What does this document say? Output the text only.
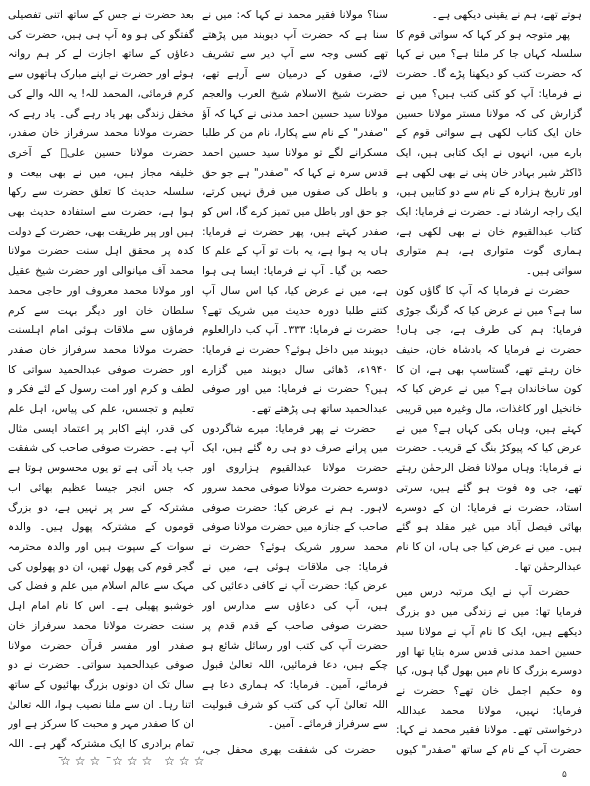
ہوتے تھے، ہم نے یقینی دیکھی ہے۔
پھر متوجہ ہو کر کہا کہ سواتی قوم کا سلسلہ کہاں جا کر ملتا ہے؟ میں نے کہا کہ حضرت کتب کو دیکھنا پڑے گا۔ حضرت نے فرمایا: آپ کو کئی کتب ہیں؟ میں نے گزارش کی کہ مولانا مستر مولانا حسین خان ایک کتاب لکھی ہے سواتی قوم کے بارے میں، انہوں نے ایک کتابی ہیں، ایک ڈاکٹر شیر بہادر خان پنی نے بھی لکھی ہے اور تاریخ ہزارہ کے نام سے دو کتابیں ہیں، ایک راجہ ارشاد نے۔ حضرت نے فرمایا: ایک کتاب عبدالقیوم خان نے بھی لکھی ہے، ہماری گوت متواری ہے، ہم متواری سواتی ہیں۔
حضرت نے فرمایا کہ آپ کا گاؤں کون سا ہے؟ میں نے عرض کیا کہ گرنگ جوڑی فرمایا: ہم کی طرف ہے، جی ہاں! حضرت نے فرمایا کہ بادشاہ خان، حنیف خان رہتے تھے، گستاسپ بھی ہے، ان کا کون ساخاندان ہے؟ میں نے عرض کیا کہ خانخیل اور کاغذات، مال وغیرہ میں قریبی کہتے ہیں، وہاں بکی کہاں ہے؟ میں نے عرض کیا کہ پیوکڑ بنگ کے قریب۔ حضرت نے فرمایا: وہاں مولانا فضل الرحمٰن رہتے تھے، جی وہ فوت ہو گئے ہیں، سرتی استاد، حضرت نے فرمایا: ان کے دوسرے بھائی فیصل آباد میں غیر مقلد ہو گئے ہیں۔ میں نے عرض کیا جی ہاں، ان کا نام عبدالرحمٰن تھا۔
حضرت آپ نے ایک مرتبہ درس میں فرمایا تھا: میں نے زندگی میں دو بزرگ دیکھے ہیں، ایک کا نام آپ نے مولانا سید حسین احمد مدنی قدس سرہ بتایا تھا اور دوسرے بزرگ کا نام میں بھول گیا ہوں، کیا وہ حکیم اجمل خان تھے؟ حضرت نے فرمایا: نہیں، مولانا محمد عبداللہ درخواستی تھے۔ مولانا فقیر محمد نے کہا: حضرت آپ کے نام کے ساتھ "صفدر" کیوں
سنا؟ مولانا فقیر محمد نے کہا کہ: میں نے سنا ہے کہ حضرت آپ دیوبند میں پڑھتے تھے کسی وجہ سے آپ دیر سے تشریف لائے، صفوں کے درمیان سے آرہے تھے، حضرت شیخ الاسلام شیخ العرب والعجم مولانا سید حسین احمد مدنی نے کہا کہ آؤ "صفدر" کے نام سے پکارا، نام من کر طلبا مسکرانے لگے تو مولانا سید حسین احمد قدس سرہ نے کہا کہ "صفدر" ہے جو حق و باطل کی صفوں میں فرق نہیں کرتے، جو حق اور باطل میں تمیز کرے گا، اس کو صفدر کہتے ہیں، پھر حضرت نے فرمایا: ہاں یہ ہوا ہے، یہ بات تو آپ کے علم کا حصہ بن گیا۔ آپ نے فرمایا: ایسا ہی ہوا ہے، میں نے عرض کیا، کیا اس سال آپ کتنے طلبا دورہ حدیث میں شریک تھے؟ حضرت نے فرمایا: ۳۳۳۔ آپ کب دارالعلوم دیوبند میں داخل ہوئے؟ حضرت نے فرمایا: ۱۹۴۰ء، ڈھائی سال دیوبند میں گزارے ہیں؟ حضرت نے فرمایا: میں اور صوفی عبدالحمید ساتھ ہی پڑھتے تھے۔
حضرت نے پھر فرمایا: میرے شاگردوں میں پرانے صرف دو ہی رہ گئے ہیں، ایک حضرت مولانا عبدالقیوم ہزاروی اور دوسرے حضرت مولانا صوفی محمد سرور لاہور۔ ہم نے عرض کیا: حضرت صوفی صاحب کے جنازہ میں حضرت مولانا صوفی محمد سرور شریک ہوئے؟ حضرت نے فرمایا: جی ملاقات ہوئی ہے، میں نے عرض کیا: حضرت آپ نے کافی دعائیں کی ہیں، آپ کی دعاؤں سے مدارس اور حضرت صوفی صاحب کے قدم قدم پر حضرت آپ کی کتب اور رسائل شائع ہو چکے ہیں، دعا فرمائیں، اللہ تعالیٰ قبول فرمائے، آمین۔ فرمایا: کہ ہماری دعا ہے اللہ تعالیٰ آپ کی کتب کو شرف قبولیت سے سرفراز فرمائے۔ آمین۔
حضرت کی شفقت بھری محفل جی،
بعد حضرت نے جس کے ساتھ اتنی تفصیلی گفتگو کی ہو وہ آپ ہی ہیں، حضرت کی دعاؤں کے ساتھ اجازت لے کر ہم روانہ ہوئے اور حضرت نے اپنے مبارک ہاتھوں سے کرم فرمائی، المحمد للہ! یہ اللہ والے کی مخفل زندگی بھر یاد رہے گی۔ یاد رہے کہ حضرت مولانا محمد سرفراز خان صفدر، حضرت مولانا حسین علیؒ کے آخری خلیفہ مجاز ہیں، میں نے بھی بیعت و سلسلہ حدیث کا تعلق حضرت سے رکھا ہوا ہے، حضرت سے استفادہ حدیث بھی ہیں اور پیر طریقت بھی، حضرت کے دولت کدہ پر محقق اہل سنت حضرت مولانا محمد آف میانوالی اور حضرت شیخ عقیل اور مولانا محمد معروف اور حاجی محمد سلطان خان اور دیگر بہت سے کرم فرماؤں سے ملاقات ہوئی امام اہلسنت حضرت مولانا محمد سرفراز خان صفدر اور حضرت صوفی عبدالحمید سواتی کا لطف و کرم اور امت رسول کے لئے فکر و تعلیم و تجسس، علم کی پیاس، اہل علم کی قدر، اپنے اکابر پر اعتماد ایسی مثال آپ ہے۔ حضرت صوفی صاحب کی شفقت جب یاد آتی ہے تو یوں محسوس ہوتا ہے کہ جس انجر جیسا عظیم بھائی اب مشترکہ کے سر پر نہیں ہے، دو بزرگ قوموں کے مشترکہ پھول ہیں۔ والدہ سوات کے سپوت ہیں اور والدہ محترمہ گجر قوم کی پھول تھیں، ان دو پھولوں کی مہک سے عالم اسلام میں علم و فضل کی خوشبو پھیلی ہے۔ اس کا نام امام اہل سنت حضرت مولانا محمد سرفراز خان صفدر اور مفسر قرآن حضرت مولانا صوفی عبدالحمید سواتی۔ حضرت نے دو سال تک ان دونوں بزرگ بھائیوں کے ساتھ اتنا رہا۔ ان سے ملنا نصیب ہوا، اللہ تعالیٰ ان کا صفدر مہر و محبت کا سرکز ہے اور تمام برادری کا ایک مشترکہ گھر ہے۔ اللہ
☆☆☆ ☆☆☆ ☆☆☆
۵
